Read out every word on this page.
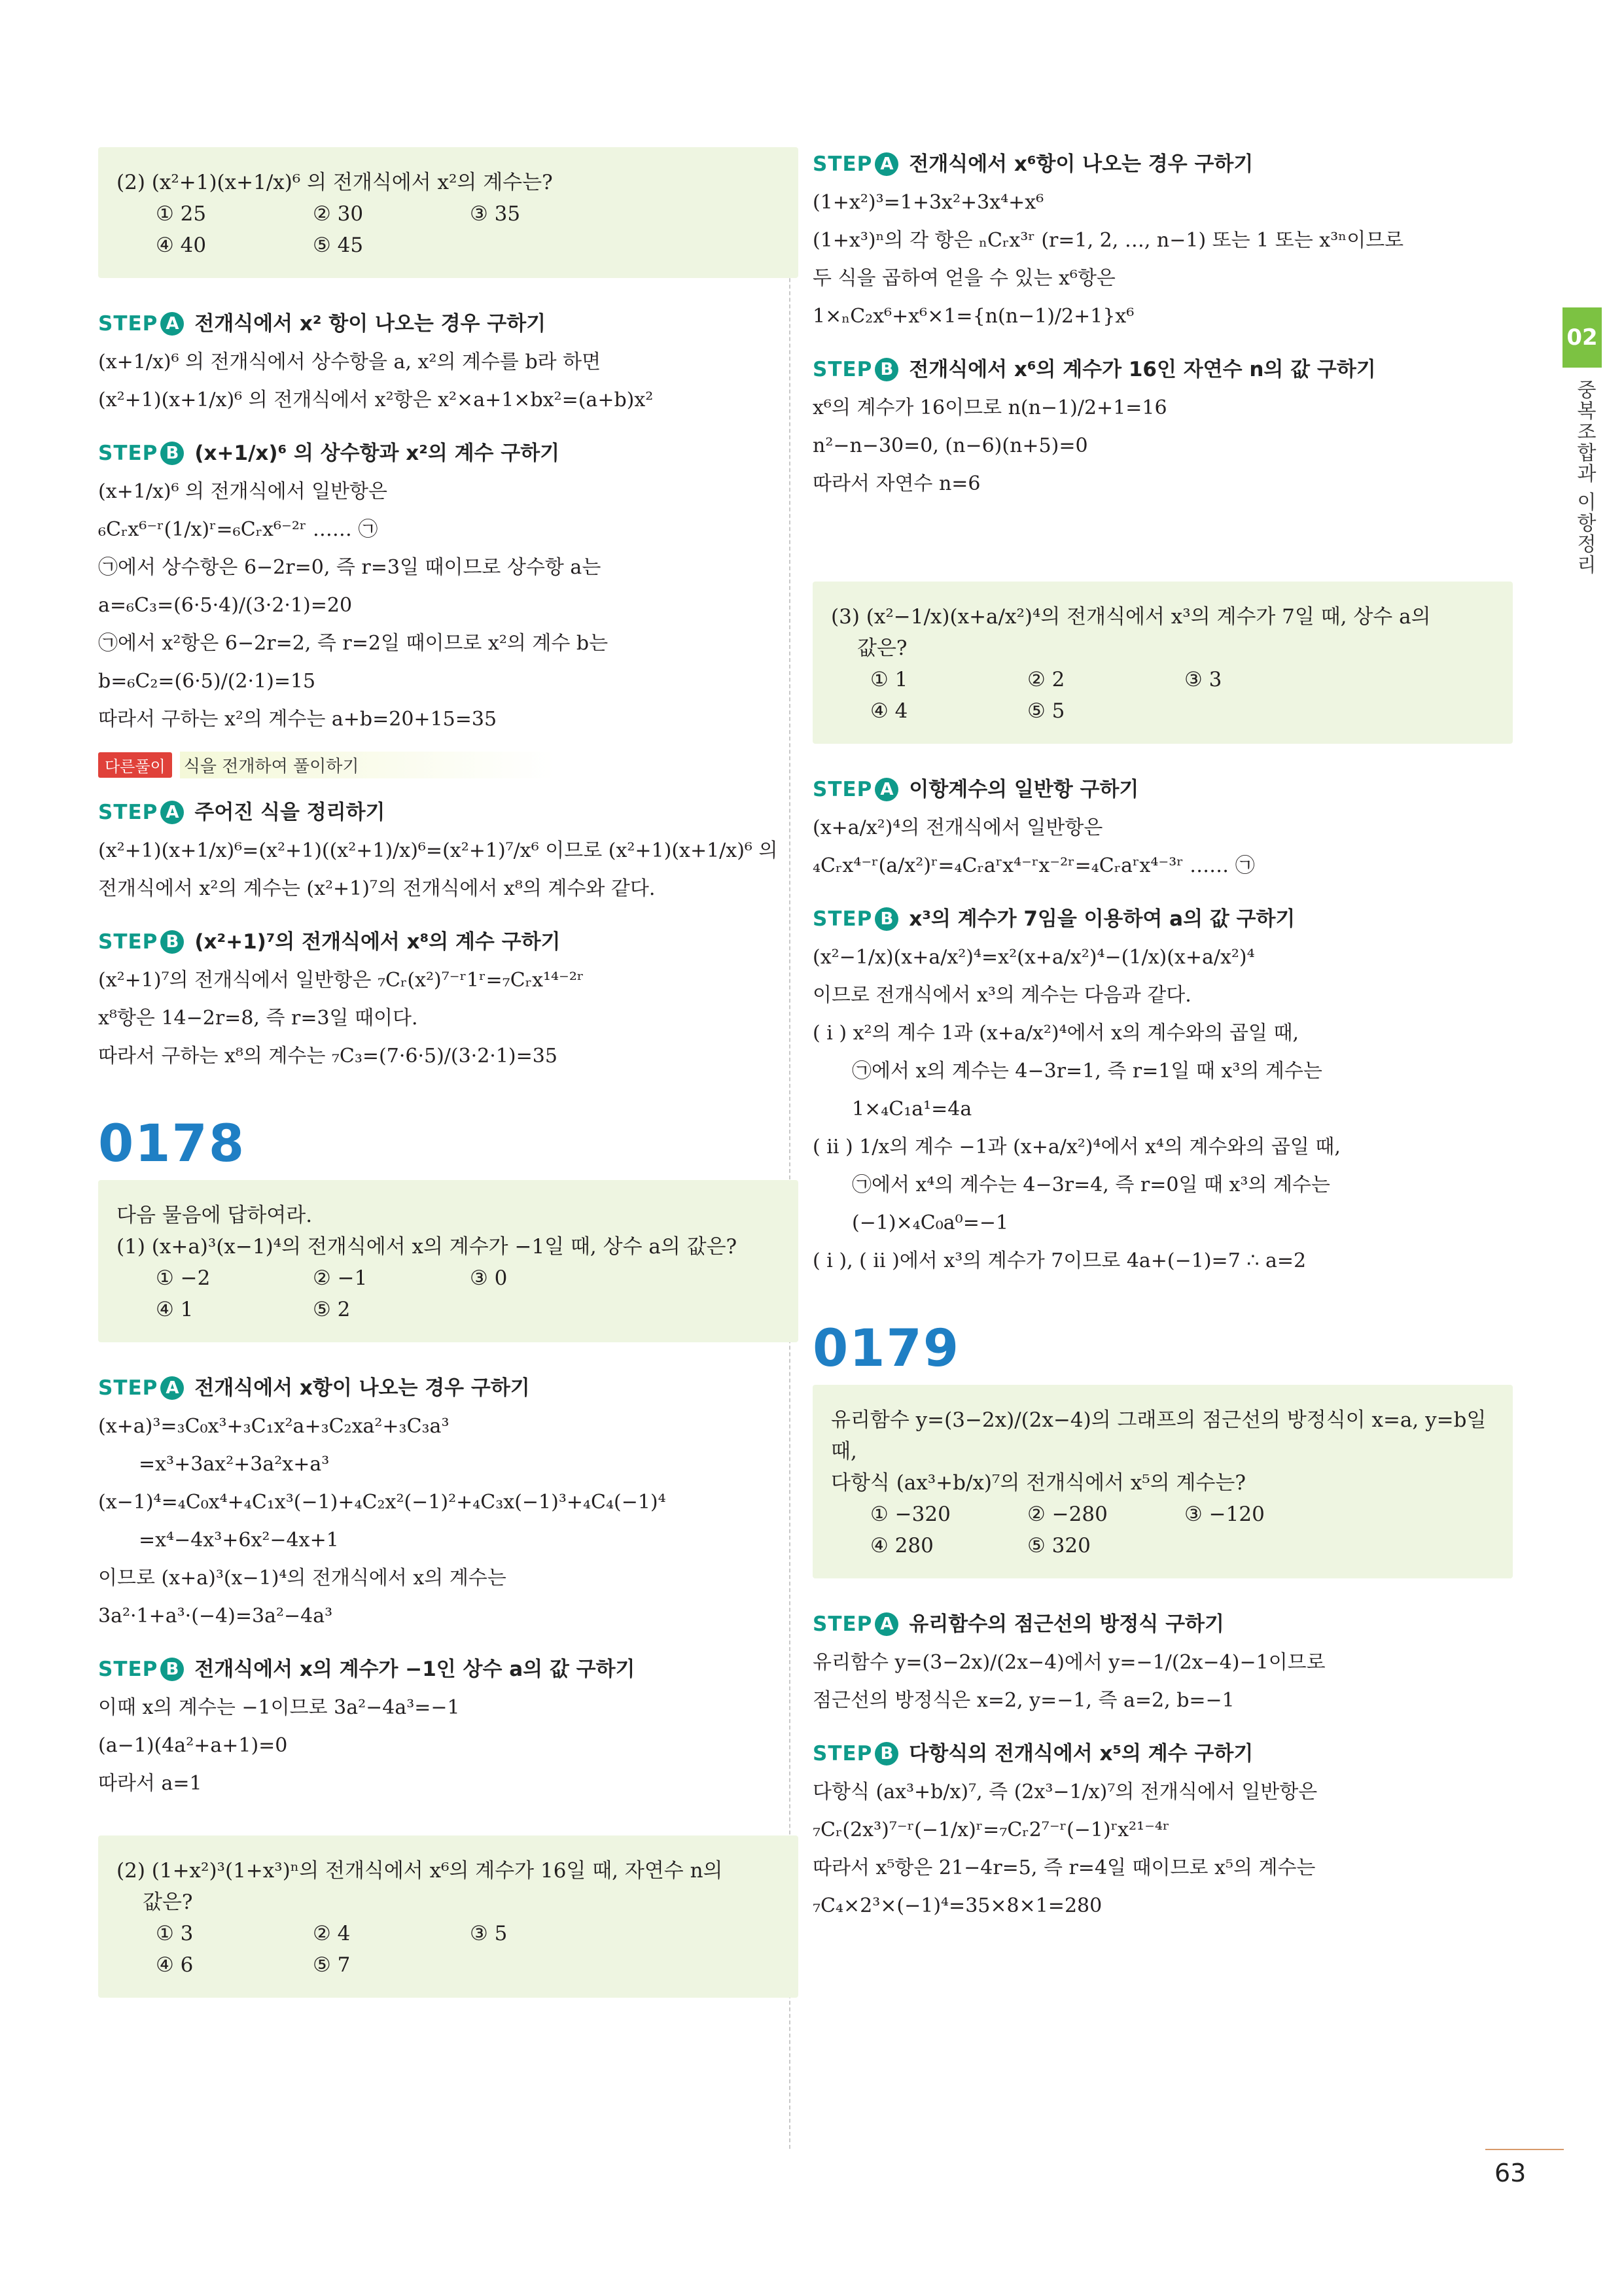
(2) (x²+1)(x+1/x)⁶ 의 전개식에서 x²의 계수는?
① 25	② 30	③ 35
④ 40	⑤ 45
STEP A 전개식에서 x² 항이 나오는 경우 구하기

(x+1/x)⁶ 의 전개식에서 상수항을 a, x²의 계수를 b라 하면

(x²+1)(x+1/x)⁶ 의 전개식에서 x²항은 x²×a+1×bx²=(a+b)x²

STEP B (x+1/x)⁶ 의 상수항과 x²의 계수 구하기

(x+1/x)⁶ 의 전개식에서 일반항은

₆Cᵣx⁶⁻ʳ(1/x)ʳ=₆Cᵣx⁶⁻²ʳ …… ㉠

㉠에서 상수항은 6−2r=0, 즉 r=3일 때이므로 상수항 a는

a=₆C₃=(6·5·4)/(3·2·1)=20

㉠에서 x²항은 6−2r=2, 즉 r=2일 때이므로 x²의 계수 b는

b=₆C₂=(6·5)/(2·1)=15

따라서 구하는 x²의 계수는 a+b=20+15=35

다른풀이	식을 전개하여 풀이하기
STEP A 주어진 식을 정리하기

(x²+1)(x+1/x)⁶=(x²+1)((x²+1)/x)⁶=(x²+1)⁷/x⁶ 이므로 (x²+1)(x+1/x)⁶ 의

전개식에서 x²의 계수는 (x²+1)⁷의 전개식에서 x⁸의 계수와 같다.

STEP B (x²+1)⁷의 전개식에서 x⁸의 계수 구하기

(x²+1)⁷의 전개식에서 일반항은 ₇Cᵣ(x²)⁷⁻ʳ1ʳ=₇Cᵣx¹⁴⁻²ʳ

x⁸항은 14−2r=8, 즉 r=3일 때이다.

따라서 구하는 x⁸의 계수는 ₇C₃=(7·6·5)/(3·2·1)=35

0178
다음 물음에 답하여라.
(1) (x+a)³(x−1)⁴의 전개식에서 x의 계수가 −1일 때, 상수 a의 값은?
① −2	② −1	③ 0
④ 1	⑤ 2
STEP A 전개식에서 x항이 나오는 경우 구하기

(x+a)³=₃C₀x³+₃C₁x²a+₃C₂xa²+₃C₃a³

=x³+3ax²+3a²x+a³

(x−1)⁴=₄C₀x⁴+₄C₁x³(−1)+₄C₂x²(−1)²+₄C₃x(−1)³+₄C₄(−1)⁴

=x⁴−4x³+6x²−4x+1

이므로 (x+a)³(x−1)⁴의 전개식에서 x의 계수는

3a²·1+a³·(−4)=3a²−4a³

STEP B 전개식에서 x의 계수가 −1인 상수 a의 값 구하기

이때 x의 계수는 −1이므로 3a²−4a³=−1

(a−1)(4a²+a+1)=0

따라서 a=1

(2) (1+x²)³(1+x³)ⁿ의 전개식에서 x⁶의 계수가 16일 때, 자연수 n의
값은?
① 3	② 4	③ 5
④ 6	⑤ 7
STEP A 전개식에서 x⁶항이 나오는 경우 구하기

(1+x²)³=1+3x²+3x⁴+x⁶

(1+x³)ⁿ의 각 항은 ₙCᵣx³ʳ (r=1, 2, …, n−1) 또는 1 또는 x³ⁿ이므로

두 식을 곱하여 얻을 수 있는 x⁶항은

1×ₙC₂x⁶+x⁶×1={n(n−1)/2+1}x⁶

STEP B 전개식에서 x⁶의 계수가 16인 자연수 n의 값 구하기

x⁶의 계수가 16이므로 n(n−1)/2+1=16

n²−n−30=0, (n−6)(n+5)=0

따라서 자연수 n=6

(3) (x²−1/x)(x+a/x²)⁴의 전개식에서 x³의 계수가 7일 때, 상수 a의
값은?
① 1	② 2	③ 3
④ 4	⑤ 5
STEP A 이항계수의 일반항 구하기

(x+a/x²)⁴의 전개식에서 일반항은

₄Cᵣx⁴⁻ʳ(a/x²)ʳ=₄Cᵣaʳx⁴⁻ʳx⁻²ʳ=₄Cᵣaʳx⁴⁻³ʳ …… ㉠

STEP B x³의 계수가 7임을 이용하여 a의 값 구하기

(x²−1/x)(x+a/x²)⁴=x²(x+a/x²)⁴−(1/x)(x+a/x²)⁴

이므로 전개식에서 x³의 계수는 다음과 같다.

( i ) x²의 계수 1과 (x+a/x²)⁴에서 x의 계수와의 곱일 때,

㉠에서 x의 계수는 4−3r=1, 즉 r=1일 때 x³의 계수는

1×₄C₁a¹=4a

( ii ) 1/x의 계수 −1과 (x+a/x²)⁴에서 x⁴의 계수와의 곱일 때,

㉠에서 x⁴의 계수는 4−3r=4, 즉 r=0일 때 x³의 계수는

(−1)×₄C₀a⁰=−1

( i ), ( ii )에서 x³의 계수가 7이므로 4a+(−1)=7 ∴ a=2

0179
유리함수 y=(3−2x)/(2x−4)의 그래프의 점근선의 방정식이 x=a, y=b일 때,
다항식 (ax³+b/x)⁷의 전개식에서 x⁵의 계수는?
① −320	② −280	③ −120
④ 280	⑤ 320
STEP A 유리함수의 점근선의 방정식 구하기

유리함수 y=(3−2x)/(2x−4)에서 y=−1/(2x−4)−1이므로

점근선의 방정식은 x=2, y=−1, 즉 a=2, b=−1

STEP B 다항식의 전개식에서 x⁵의 계수 구하기

다항식 (ax³+b/x)⁷, 즉 (2x³−1/x)⁷의 전개식에서 일반항은

₇Cᵣ(2x³)⁷⁻ʳ(−1/x)ʳ=₇Cᵣ2⁷⁻ʳ(−1)ʳx²¹⁻⁴ʳ

따라서 x⁵항은 21−4r=5, 즉 r=4일 때이므로 x⁵의 계수는

₇C₄×2³×(−1)⁴=35×8×1=280

02
중복조합과 이항정리
63
